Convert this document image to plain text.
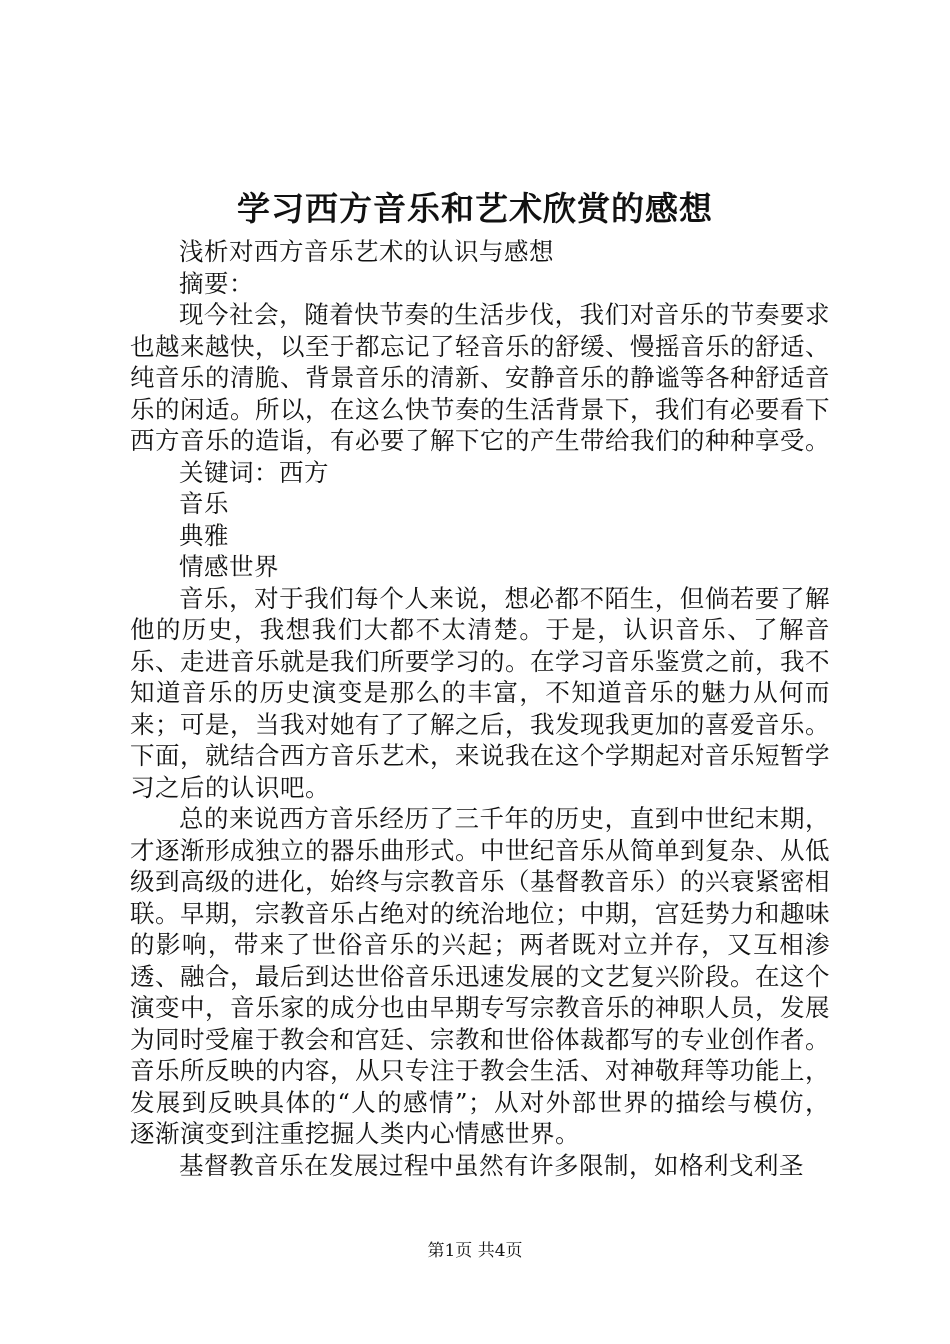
学习西方音乐和艺术欣赏的感想

浅析对西方音乐艺术的认识与感想

摘要：

现今社会，随着快节奏的生活步伐，我们对音乐的节奏要求也越来越快，以至于都忘记了轻音乐的舒缓、慢摇音乐的舒适、纯音乐的清脆、背景音乐的清新、安静音乐的静谧等各种舒适音乐的闲适。所以，在这么快节奏的生活背景下，我们有必要看下西方音乐的造诣，有必要了解下它的产生带给我们的种种享受。

关键词：西方

音乐

典雅

情感世界

音乐，对于我们每个人来说，想必都不陌生，但倘若要了解他的历史，我想我们大都不太清楚。于是，认识音乐、了解音乐、走进音乐就是我们所要学习的。在学习音乐鉴赏之前，我不知道音乐的历史演变是那么的丰富，不知道音乐的魅力从何而来；可是，当我对她有了了解之后，我发现我更加的喜爱音乐。下面，就结合西方音乐艺术，来说我在这个学期起对音乐短暂学习之后的认识吧。

总的来说西方音乐经历了三千年的历史，直到中世纪末期，才逐渐形成独立的器乐曲形式。中世纪音乐从简单到复杂、从低级到高级的进化，始终与宗教音乐（基督教音乐）的兴衰紧密相联。早期，宗教音乐占绝对的统治地位；中期，宫廷势力和趣味的影响，带来了世俗音乐的兴起；两者既对立并存，又互相渗透、融合，最后到达世俗音乐迅速发展的文艺复兴阶段。在这个演变中，音乐家的成分也由早期专写宗教音乐的神职人员，发展为同时受雇于教会和宫廷、宗教和世俗体裁都写的专业创作者。音乐所反映的内容，从只专注于教会生活、对神敬拜等功能上，发展到反映具体的“人的感情”；从对外部世界的描绘与模仿，逐渐演变到注重挖掘人类内心情感世界。

基督教音乐在发展过程中虽然有许多限制，如格利戈利圣

第1页 共4页
